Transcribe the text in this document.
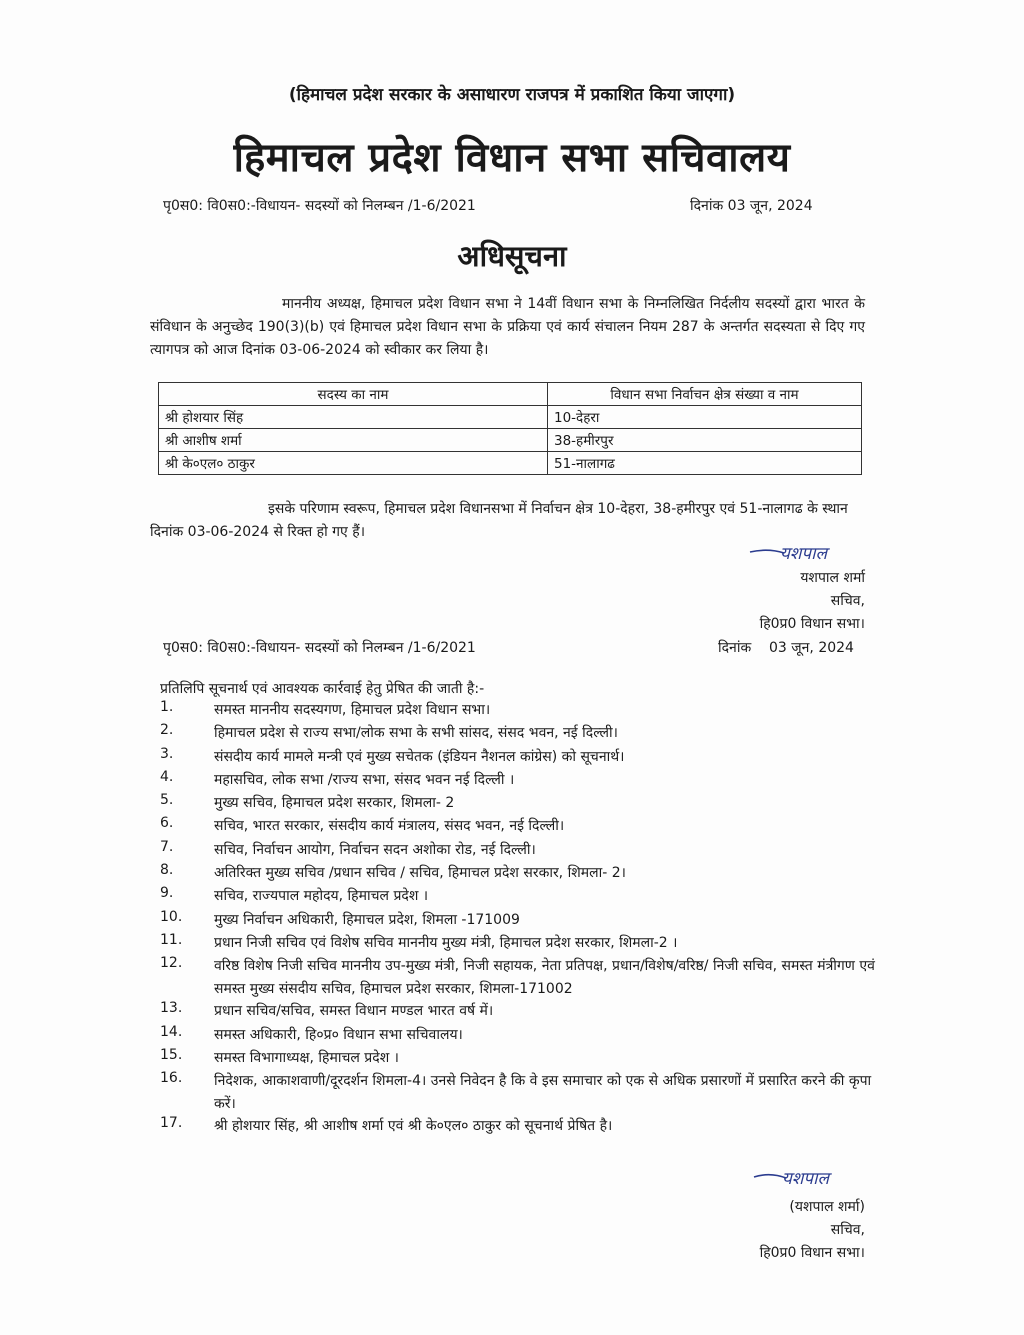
(हिमाचल प्रदेश सरकार के असाधारण राजपत्र में प्रकाशित किया जाएगा)
हिमाचल प्रदेश विधान सभा सचिवालय
पृ0स0: वि0स0:-विधायन- सदस्यों को निलम्बन /1-6/2021	दिनांक 03 जून, 2024
अधिसूचना
माननीय अध्यक्ष, हिमाचल प्रदेश विधान सभा ने 14वीं विधान सभा के निम्नलिखित निर्दलीय सदस्यों द्वारा भारत के संविधान के अनुच्छेद 190(3)(b) एवं हिमाचल प्रदेश विधान सभा के प्रक्रिया एवं कार्य संचालन नियम 287 के अन्तर्गत सदस्यता से दिए गए त्यागपत्र को आज दिनांक 03-06-2024 को स्वीकार कर लिया है।
सदस्य का नाम	विधान सभा निर्वाचन क्षेत्र संख्या व नाम
श्री होशयार सिंह	10-देहरा
श्री आशीष शर्मा	38-हमीरपुर
श्री के०एल० ठाकुर	51-नालागढ
इसके परिणाम स्वरूप, हिमाचल प्रदेश विधानसभा में निर्वाचन क्षेत्र 10-देहरा, 38-हमीरपुर एवं 51-नालागढ के स्थान दिनांक 03-06-2024 से रिक्त हो गए हैं।
यशपाल
यशपाल शर्मा
सचिव,
हि0प्र0 विधान सभा।
पृ0स0: वि0स0:-विधायन- सदस्यों को निलम्बन /1-6/2021	दिनांक    03 जून, 2024
प्रतिलिपि सूचनार्थ एवं आवश्यक कार्रवाई हेतु प्रेषित की जाती है:-
1.	समस्त माननीय सदस्यगण, हिमाचल प्रदेश विधान सभा।
2.	हिमाचल प्रदेश से राज्य सभा/लोक सभा के सभी सांसद, संसद भवन, नई दिल्ली।
3.	संसदीय कार्य मामले मन्त्री एवं मुख्य सचेतक (इंडियन नैशनल कांग्रेस) को सूचनार्थ।
4.	महासचिव, लोक सभा /राज्य सभा, संसद भवन नई दिल्ली ।
5.	मुख्य सचिव, हिमाचल प्रदेश सरकार, शिमला- 2
6.	सचिव, भारत सरकार, संसदीय कार्य मंत्रालय, संसद भवन, नई दिल्ली।
7.	सचिव, निर्वाचन आयोग, निर्वाचन सदन अशोका रोड, नई दिल्ली।
8.	अतिरिक्त मुख्य सचिव /प्रधान सचिव / सचिव, हिमाचल प्रदेश सरकार, शिमला- 2।
9.	सचिव, राज्यपाल महोदय, हिमाचल प्रदेश ।
10. मुख्य निर्वाचन अधिकारी, हिमाचल प्रदेश, शिमला -171009
11. प्रधान निजी सचिव एवं विशेष सचिव माननीय मुख्य मंत्री, हिमाचल प्रदेश सरकार, शिमला-2 ।
12. वरिष्ठ विशेष निजी सचिव माननीय उप-मुख्य मंत्री, निजी सहायक, नेता प्रतिपक्ष, प्रधान/विशेष/वरिष्ठ/ निजी सचिव, समस्त मंत्रीगण एवं समस्त मुख्य संसदीय सचिव, हिमाचल प्रदेश सरकार, शिमला-171002
13. प्रधान सचिव/सचिव, समस्त विधान मण्डल भारत वर्ष में।
14. समस्त अधिकारी, हि०प्र० विधान सभा सचिवालय।
15. समस्त विभागाध्यक्ष, हिमाचल प्रदेश ।
16. निदेशक, आकाशवाणी/दूरदर्शन शिमला-4। उनसे निवेदन है कि वे इस समाचार को एक से अधिक प्रसारणों में प्रसारित करने की कृपा करें।
17. श्री होशयार सिंह, श्री आशीष शर्मा एवं श्री के०एल० ठाकुर को सूचनार्थ प्रेषित है।
यशपाल
(यशपाल शर्मा)
सचिव,
हि0प्र0 विधान सभा।
